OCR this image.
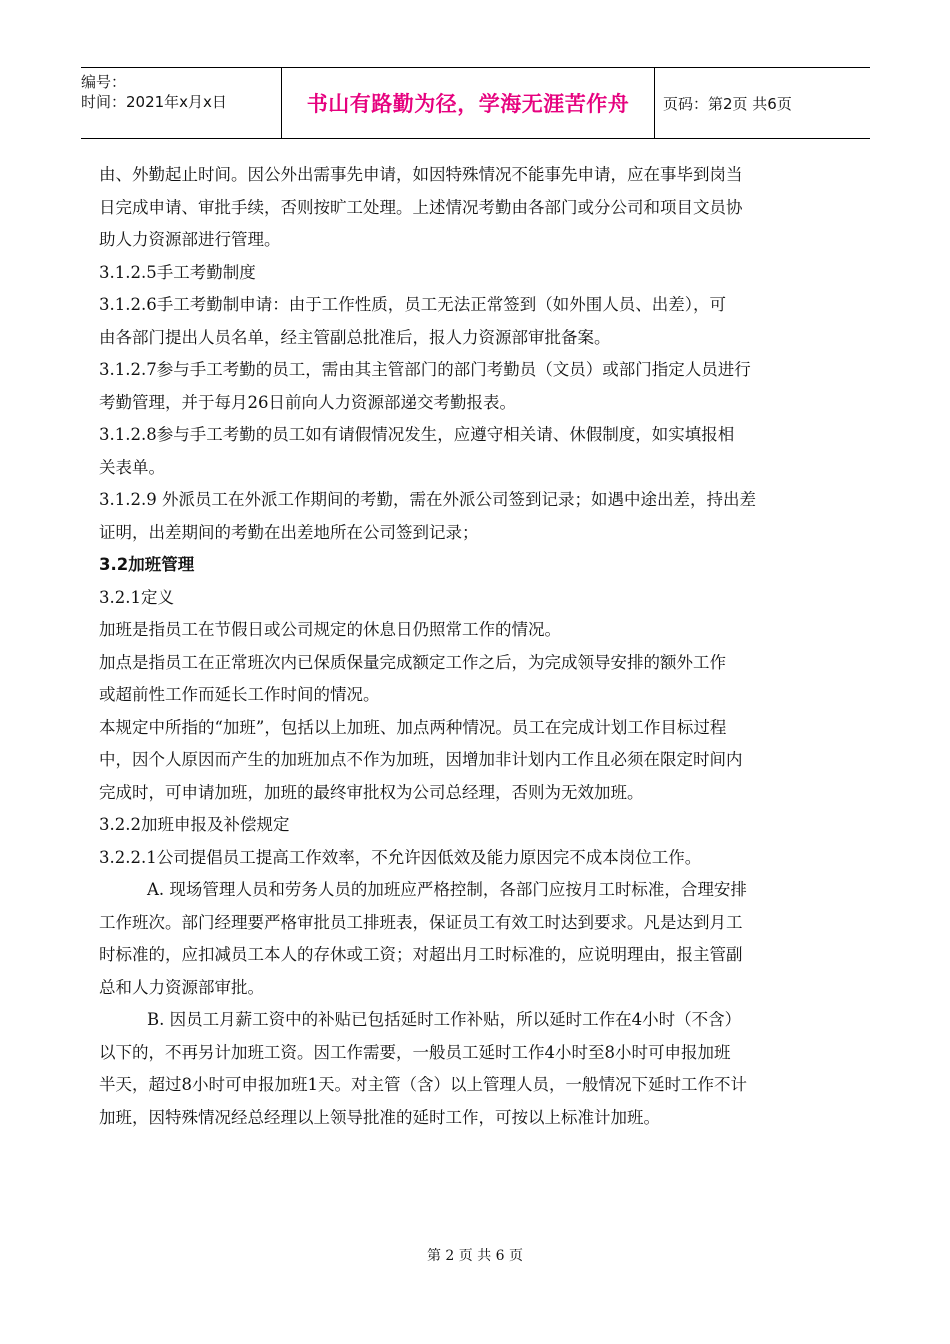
编号：
时间：2021年x月x日	书山有路勤为径，学海无涯苦作舟 页码：第2页 共6页

由、外勤起止时间。因公外出需事先申请，如因特殊情况不能事先申请，应在事毕到岗当

日完成申请、审批手续，否则按旷工处理。上述情况考勤由各部门或分公司和项目文员协

助人力资源部进行管理。

3.1.2.5手工考勤制度

3.1.2.6手工考勤制申请：由于工作性质，员工无法正常签到（如外围人员、出差），可

由各部门提出人员名单，经主管副总批准后，报人力资源部审批备案。

3.1.2.7参与手工考勤的员工，需由其主管部门的部门考勤员（文员）或部门指定人员进行

考勤管理，并于每月26日前向人力资源部递交考勤报表。

3.1.2.8参与手工考勤的员工如有请假情况发生，应遵守相关请、休假制度，如实填报相

关表单。

3.1.2.9 外派员工在外派工作期间的考勤，需在外派公司签到记录；如遇中途出差，持出差

证明，出差期间的考勤在出差地所在公司签到记录；

3.2加班管理

3.2.1定义

加班是指员工在节假日或公司规定的休息日仍照常工作的情况。

加点是指员工在正常班次内已保质保量完成额定工作之后，为完成领导安排的额外工作

或超前性工作而延长工作时间的情况。

本规定中所指的“加班”，包括以上加班、加点两种情况。员工在完成计划工作目标过程

中，因个人原因而产生的加班加点不作为加班，因增加非计划内工作且必须在限定时间内

完成时，可申请加班，加班的最终审批权为公司总经理，否则为无效加班。

3.2.2加班申报及补偿规定

3.2.2.1公司提倡员工提高工作效率，不允许因低效及能力原因完不成本岗位工作。

A. 现场管理人员和劳务人员的加班应严格控制，各部门应按月工时标准，合理安排

工作班次。部门经理要严格审批员工排班表，保证员工有效工时达到要求。凡是达到月工

时标准的，应扣减员工本人的存休或工资；对超出月工时标准的，应说明理由，报主管副

总和人力资源部审批。

B. 因员工月薪工资中的补贴已包括延时工作补贴，所以延时工作在4小时（不含）

以下的，不再另计加班工资。因工作需要，一般员工延时工作4小时至8小时可申报加班

半天，超过8小时可申报加班1天。对主管（含）以上管理人员，一般情况下延时工作不计

加班，因特殊情况经总经理以上领导批准的延时工作，可按以上标准计加班。

第 2 页 共 6 页
